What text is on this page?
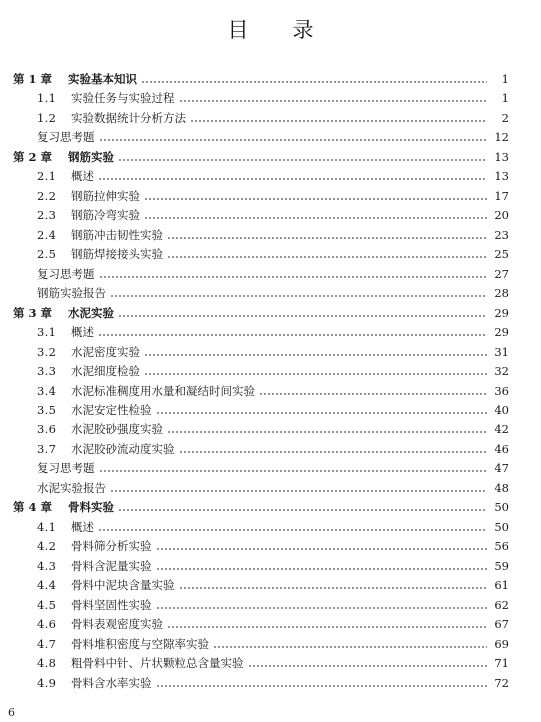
目 录
第 1 章	实验基本知识	1
1.1	实验任务与实验过程	1
1.2	实验数据统计分析方法	2
复习思考题	12
第 2 章	钢筋实验	13
2.1	概述	13
2.2	钢筋拉伸实验	17
2.3	钢筋冷弯实验	20
2.4	钢筋冲击韧性实验	23
2.5	钢筋焊接接头实验	25
复习思考题	27
钢筋实验报告	28
第 3 章	水泥实验	29
3.1	概述	29
3.2	水泥密度实验	31
3.3	水泥细度检验	32
3.4	水泥标准稠度用水量和凝结时间实验	36
3.5	水泥安定性检验	40
3.6	水泥胶砂强度实验	42
3.7	水泥胶砂流动度实验	46
复习思考题	47
水泥实验报告	48
第 4 章	骨料实验	50
4.1	概述	50
4.2	骨料筛分析实验	56
4.3	骨料含泥量实验	59
4.4	骨料中泥块含量实验	61
4.5	骨料坚固性实验	62
4.6	骨料表观密度实验	67
4.7	骨料堆积密度与空隙率实验	69
4.8	粗骨料中针、片状颗粒总含量实验	71
4.9	骨料含水率实验	72
6
